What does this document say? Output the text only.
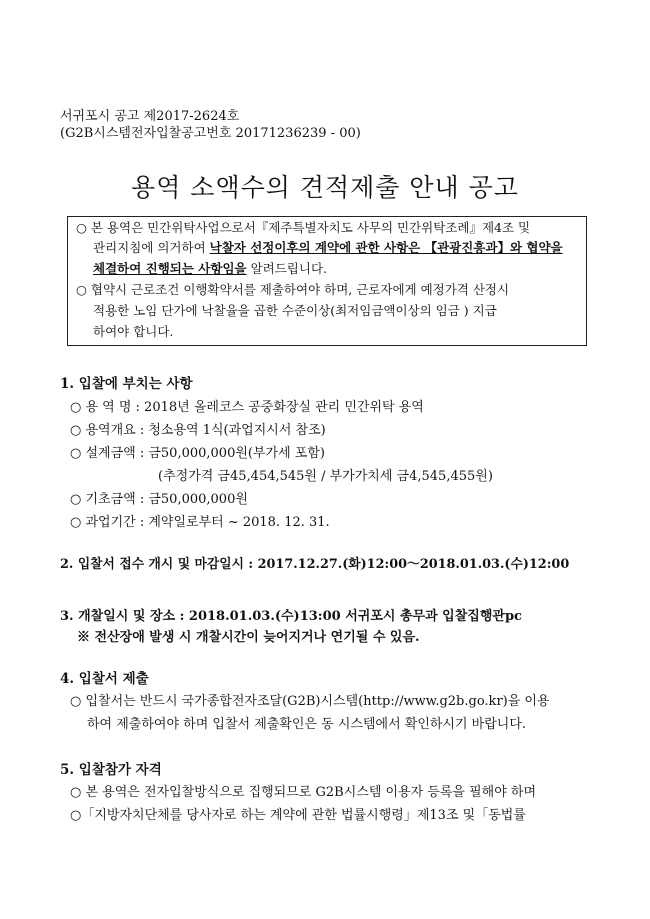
서귀포시 공고 제2017-2624호
(G2B시스템전자입찰공고번호 20171236239 - 00)
용역 소액수의 견적제출 안내 공고
○ 본 용역은 민간위탁사업으로서『제주특별자치도 사무의 민간위탁조례』제4조 및
관리지침에 의거하여 낙찰자 선정이후의 계약에 관한 사항은 【관광진흥과】와 협약을
체결하여 진행되는 사항임을 알려드립니다.
○ 협약시 근로조건 이행확약서를 제출하여야 하며, 근로자에게 예정가격 산정시
적용한 노임 단가에 낙찰율을 곱한 수준이상(최저임금액이상의 임금 ) 지급
하여야 합니다.
1. 입찰에 부치는 사항
○ 용 역 명 : 2018년 올레코스 공중화장실 관리 민간위탁 용역
○ 용역개요 : 청소용역 1식(과업지시서 참조)
○ 설계금액 : 금50,000,000원(부가세 포함)
(추정가격 금45,454,545원 / 부가가치세 금4,545,455원)
○ 기초금액 : 금50,000,000원
○ 과업기간 : 계약일로부터 ~ 2018. 12. 31.
2. 입찰서 접수 개시 및 마감일시 : 2017.12.27.(화)12:00～2018.01.03.(수)12:00
3. 개찰일시 및 장소 : 2018.01.03.(수)13:00 서귀포시 총무과 입찰집행관pc
※ 전산장애 발생 시 개찰시간이 늦어지거나 연기될 수 있음.
4. 입찰서 제출
○ 입찰서는 반드시 국가종합전자조달(G2B)시스템(http://www.g2b.go.kr)을 이용
하여 제출하여야 하며 입찰서 제출확인은 동 시스템에서 확인하시기 바랍니다.
5. 입찰참가 자격
○ 본 용역은 전자입찰방식으로 집행되므로 G2B시스템 이용자 등록을 필해야 하며
○「지방자치단체를 당사자로 하는 계약에 관한 법률시행령」제13조 및「동법률
